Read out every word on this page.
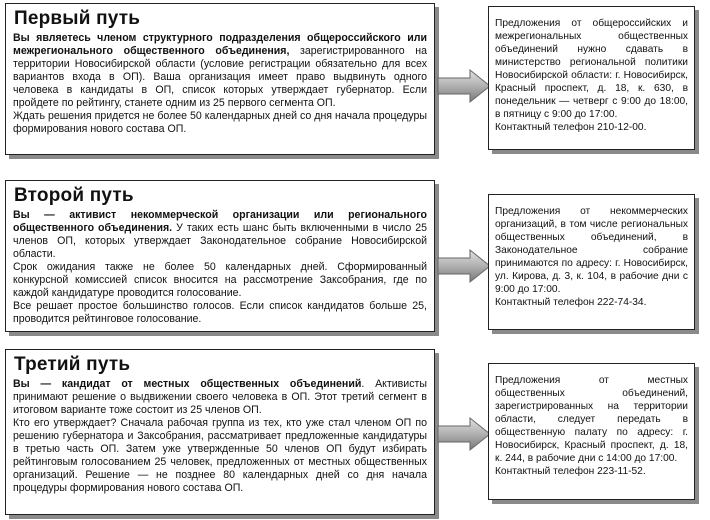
Первый путь

Вы являетесь членом структурного подразделения общероссийского или межрегионального общественного объединения, зарегистрированного на территории Новосибирской области (условие регистрации обязательно для всех вариантов входа в ОП). Ваша организация имеет право выдвинуть одного человека в кандидаты в ОП, список которых утверждает губернатор. Если пройдете по рейтингу, станете одним из 25 первого сегмента ОП.

Ждать решения придется не более 50 календарных дней со дня начала процедуры формирования нового состава ОП.

Предложения от общероссийских и межрегиональных общественных объединений нужно сдавать в министерство региональной политики Новосибирской области: г. Новосибирск, Красный проспект, д. 18, к. 630, в понедельник — четверг с 9:00 до 18:00, в пятницу с 9:00 до 17:00.
Контактный телефон 210-12-00.
Второй путь

Вы — активист некоммерческой организации или регионального общественного объединения. У таких есть шанс быть включенными в число 25 членов ОП, которых утверждает Законодательное собрание Новосибирской области.

Срок ожидания также не более 50 календарных дней. Сформированный конкурсной комиссией список вносится на рассмотрение Заксобрания, где по каждой кандидатуре проводится голосование.

Все решает простое большинство голосов. Если список кандидатов больше 25, проводится рейтинговое голосование.

Предложения от некоммерческих организаций, в том числе региональных общественных объединений, в Законодательное собрание принимаются по адресу: г. Новосибирск, ул. Кирова, д. 3, к. 104, в рабочие дни с 9:00 до 17:00.
Контактный телефон 222-74-34.
Третий путь

Вы — кандидат от местных общественных объединений. Активисты принимают решение о выдвижении своего человека в ОП. Этот третий сегмент в итоговом варианте тоже состоит из 25 членов ОП.

Кто его утверждает? Сначала рабочая группа из тех, кто уже стал членом ОП по решению губернатора и Заксобрания, рассматривает предложенные кандидатуры в третью часть ОП. Затем уже утвержденные 50 членов ОП будут избирать рейтинговым голосованием 25 человек, предложенных от местных общественных организаций. Решение — не позднее 80 календарных дней со дня начала процедуры формирования нового состава ОП.

Предложения от местных общественных объединений, зарегистрированных на территории области, следует передать в общественную палату по адресу: г. Новосибирск, Красный проспект, д. 18, к. 244, в рабочие дни с 14:00 до 17:00.
Контактный телефон 223-11-52.
